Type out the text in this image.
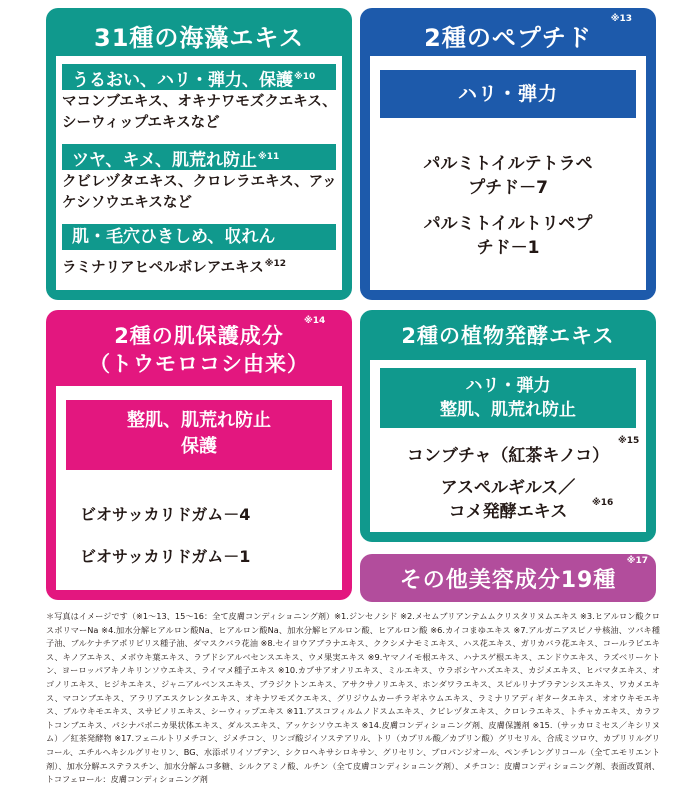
31種の海藻エキス
うるおい、ハリ・弾力、保護$^{※10}$
マコンブエキス、オキナワモズクエキス、シーウィップエキスなど
ツヤ、キメ、肌荒れ防止$^{※11}$
クビレヅタエキス、クロレラエキス、アッケシソウエキスなど
肌・毛穴ひきしめ、収れん
ラミナリアヒペルボレアエキス$^{※12}$
2種のペプチド
※13
ハリ・弾力
パルミトイルテトラペプチド－7
パルミトイルトリペプチド－1
2種の肌保護成分
（トウモロコシ由来）
※14
整肌、肌荒れ防止
保護
ビオサッカリドガム－4
ビオサッカリドガム－1
2種の植物発酵エキス
ハリ・弾力
整肌、肌荒れ防止
コンブチャ（紅茶キノコ）
※15
アスペルギルス／
コメ発酵エキス	※16
その他美容成分19種
※17
＊写真はイメージです（※1～13、15～16：全て皮膚コンディショニング剤）※1.ジンセノシド ※2.メセムブリアンテムムクリスタリヌムエキス ※3.ヒアルロン酸クロスポリマーNa ※4.加水分解ヒアルロン酸Na、ヒアルロン酸Na、加水分解ヒアルロン酸、ヒアルロン酸 ※6.カイコまゆエキス ※7.アルガニアスピノサ核油、ツバキ種子油、ブルケナチアポリビリス種子油、ダマスクバラ花油 ※8.セイヨウアブラナエキス、ククシメナモミエキス、ハス花エキス、ガリカバラ花エキス、コールラビエキス、キノアエキス、メボウキ葉エキス、ラブドシアルベセンスエキス、ウメ果実エキス ※9.ヤマノイモ根エキス、ハナスゲ根エキス、エンドウエキス、ラズベリーケトン、ヨーロッパアキノキリンソウエキス、ライマメ種子エキス ※10.カプサアオノリエキス、ミルエキス、ウラボシヤハズエキス、カジメエキス、ヒバマタエキス、オゴノリエキス、ヒジキエキス、ジャニアルベンスエキス、ブラジクトンエキス、アサクサノリエキス、ホンダワラエキス、スピルリナプラテンシスエキス、ワカメエキス、マコンブエキス、アラリアエスクレンタエキス、オキナワモズクエキス、グリジウムカーチラギネウムエキス、ラミナリアディギタータエキス、オオウキモエキス、ブルウキモエキス、スサビノリエキス、シーウィップエキス ※11.アスコフィルムノドスムエキス、クビレヅタエキス、クロレラエキス、トチャカエキス、カラフトコンブエキス、パシナパポニカ果状体エキス、ダルスエキス、アッケシソウエキス ※14.皮膚コンディショニング剤、皮膚保護剤 ※15.（サッカロミセス／キシリヌム）／紅茶発酵物 ※17.フェニルトリメチコン、ジメチコン、リンゴ酸ジイソステアリル、トリ（カプリル酸／カプリン酸）グリセリル、合成ミツロウ、カプリリルグリコール、エチルヘキシルグリセリン、BG、水添ポリイソブテン、シクロヘキサシロキサン、グリセリン、プロパンジオール、ペンチレングリコール（全てエモリエント剤）、加水分解エステラスチン、加水分解ムコ多糖、シルクアミノ酸、ルチン（全て皮膚コンディショニング剤）、メチコン：皮膚コンディショニング剤、表面改質剤、トコフェロール：皮膚コンディショニング剤
